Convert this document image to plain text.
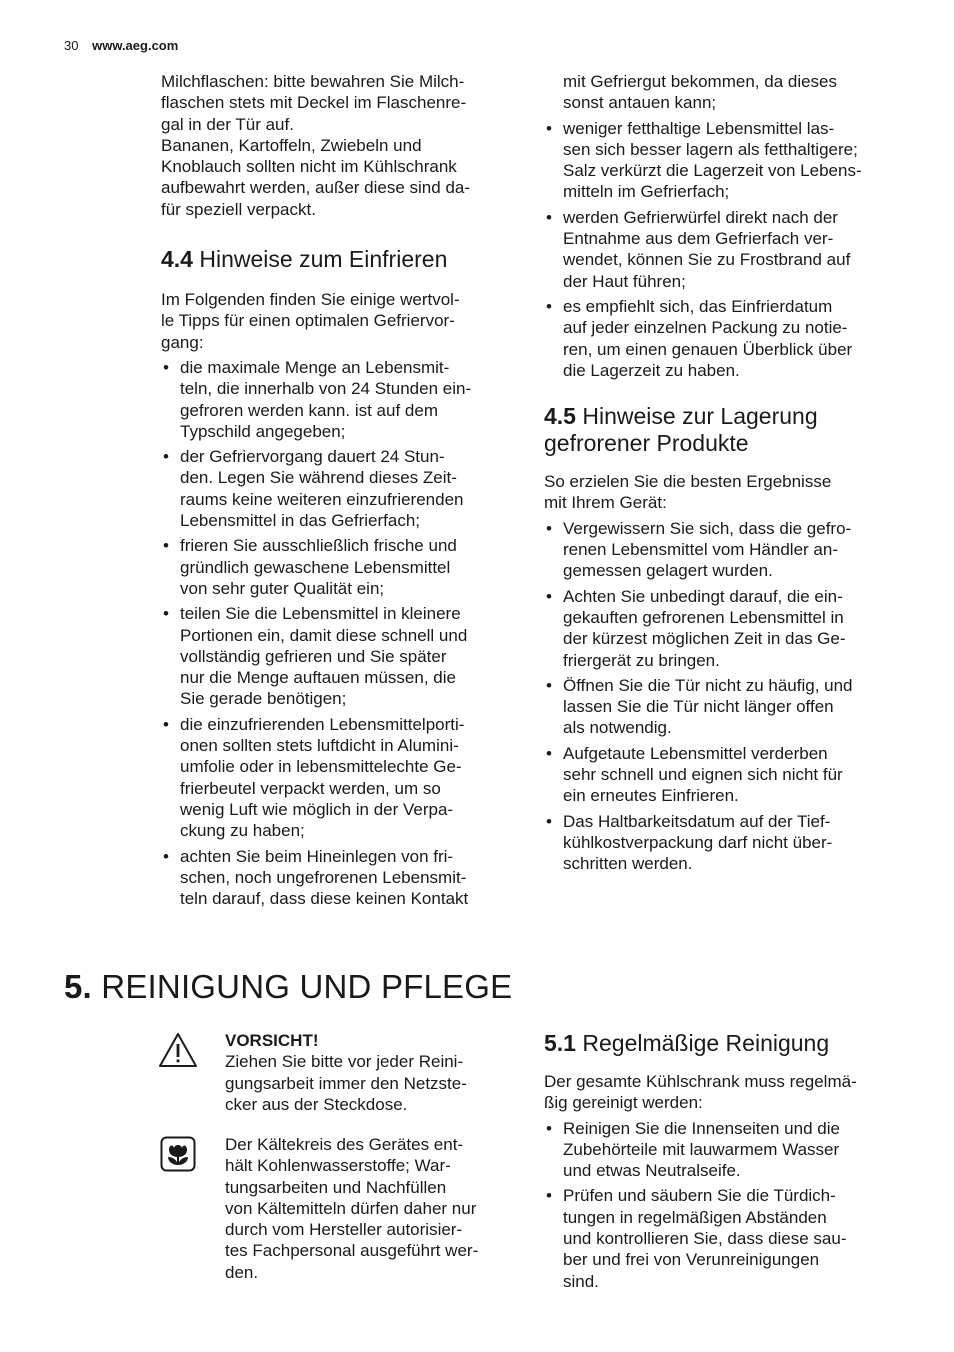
30 www.aeg.com

Milchflaschen: bitte bewahren Sie Milch-
flaschen stets mit Deckel im Flaschenre-
gal in der Tür auf.
Bananen, Kartoffeln, Zwiebeln und
Knoblauch sollten nicht im Kühlschrank
aufbewahrt werden, außer diese sind da-
für speziell verpackt.

4.4 Hinweise zum Einfrieren

Im Folgenden finden Sie einige wertvol-
le Tipps für einen optimalen Gefriervor-
gang:

• die maximale Menge an Lebensmit-
teln, die innerhalb von 24 Stunden ein-
gefroren werden kann. ist auf dem
Typschild angegeben;
• der Gefriervorgang dauert 24 Stun-
den. Legen Sie während dieses Zeit-
raums keine weiteren einzufrierenden
Lebensmittel in das Gefrierfach;
• frieren Sie ausschließlich frische und
gründlich gewaschene Lebensmittel
von sehr guter Qualität ein;
• teilen Sie die Lebensmittel in kleinere
Portionen ein, damit diese schnell und
vollständig gefrieren und Sie später
nur die Menge auftauen müssen, die
Sie gerade benötigen;
• die einzufrierenden Lebensmittelporti-
onen sollten stets luftdicht in Alumini-
umfolie oder in lebensmittelechte Ge-
frierbeutel verpackt werden, um so
wenig Luft wie möglich in der Verpa-
ckung zu haben;
• achten Sie beim Hineinlegen von fri-
schen, noch ungefrorenen Lebensmit-
teln darauf, dass diese keinen Kontakt

mit Gefriergut bekommen, da dieses
sonst antauen kann;

• weniger fetthaltige Lebensmittel las-
sen sich besser lagern als fetthaltigere;
Salz verkürzt die Lagerzeit von Lebens-
mitteln im Gefrierfach;
• werden Gefrierwürfel direkt nach der
Entnahme aus dem Gefrierfach ver-
wendet, können Sie zu Frostbrand auf
der Haut führen;
• es empfiehlt sich, das Einfrierdatum
auf jeder einzelnen Packung zu notie-
ren, um einen genauen Überblick über
die Lagerzeit zu haben.
4.5 Hinweise zur Lagerung
gefrorener Produkte

So erzielen Sie die besten Ergebnisse
mit Ihrem Gerät:

• Vergewissern Sie sich, dass die gefro-
renen Lebensmittel vom Händler an-
gemessen gelagert wurden.
• Achten Sie unbedingt darauf, die ein-
gekauften gefrorenen Lebensmittel in
der kürzest möglichen Zeit in das Ge-
friergerät zu bringen.
• Öffnen Sie die Tür nicht zu häufig, und
lassen Sie die Tür nicht länger offen
als notwendig.
• Aufgetaute Lebensmittel verderben
sehr schnell und eignen sich nicht für
ein erneutes Einfrieren.
• Das Haltbarkeitsdatum auf der Tief-
kühlkostverpackung darf nicht über-
schritten werden.
5. REINIGUNG UND PFLEGE

VORSICHT!
Ziehen Sie bitte vor jeder Reini-
gungsarbeit immer den Netzste-
cker aus der Steckdose.

Der Kältekreis des Gerätes ent-
hält Kohlenwasserstoffe; War-
tungsarbeiten und Nachfüllen
von Kältemitteln dürfen daher nur
durch vom Hersteller autorisier-
tes Fachpersonal ausgeführt wer-
den.

5.1 Regelmäßige Reinigung

Der gesamte Kühlschrank muss regelmä-
ßig gereinigt werden:

• Reinigen Sie die Innenseiten und die
Zubehörteile mit lauwarmem Wasser
und etwas Neutralseife.
• Prüfen und säubern Sie die Türdich-
tungen in regelmäßigen Abständen
und kontrollieren Sie, dass diese sau-
ber und frei von Verunreinigungen
sind.
